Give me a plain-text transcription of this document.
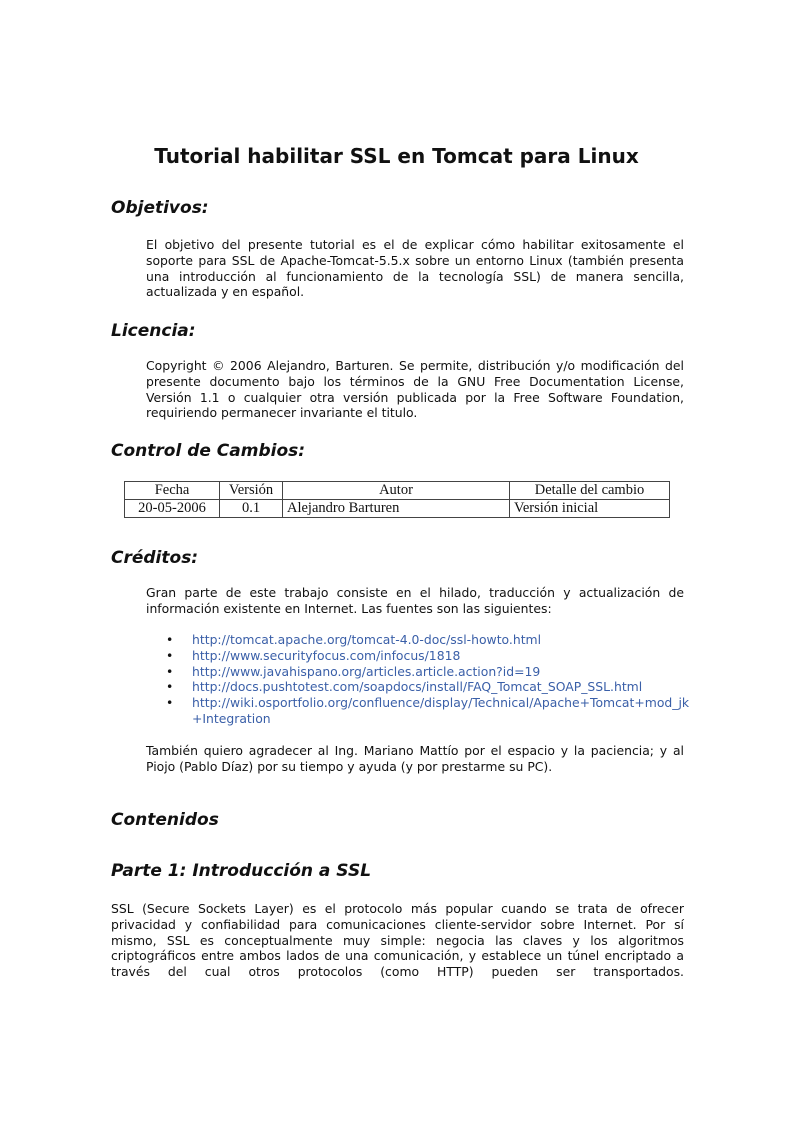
Tutorial habilitar SSL en Tomcat para Linux
Objetivos:

El objetivo del presente tutorial es el de explicar cómo habilitar exitosamente el soporte para SSL de Apache-Tomcat-5.5.x sobre un entorno Linux (también presenta una introducción al funcionamiento de la tecnología SSL) de manera sencilla, actualizada y en español.

Licencia:

Copyright © 2006 Alejandro, Barturen. Se permite, distribución y/o modificación del presente documento bajo los términos de la GNU Free Documentation License, Versión 1.1 o cualquier otra versión publicada por la Free Software Foundation, requiriendo permanecer invariante el titulo.

Control de Cambios:
Fecha	Versión	Autor	Detalle del cambio
20-05-2006	0.1	Alejandro Barturen	Versión inicial
Créditos:

Gran parte de este trabajo consiste en el hilado, traducción y actualización de información existente en Internet. Las fuentes son las siguientes:

• http://tomcat.apache.org/tomcat-4.0-doc/ssl-howto.html
• http://www.securityfocus.com/infocus/1818
• http://www.javahispano.org/articles.article.action?id=19
• http://docs.pushtotest.com/soapdocs/install/FAQ_Tomcat_SOAP_SSL.html
• http://wiki.osportfolio.org/confluence/display/Technical/Apache+Tomcat+mod_jk+Integration

También quiero agradecer al Ing. Mariano Mattío por el espacio y la paciencia; y al Piojo (Pablo Díaz) por su tiempo y ayuda (y por prestarme su PC).

Contenidos
Parte 1: Introducción a SSL

SSL (Secure Sockets Layer) es el protocolo más popular cuando se trata de ofrecer privacidad y confiabilidad para comunicaciones cliente-servidor sobre Internet. Por sí mismo, SSL es conceptualmente muy simple: negocia las claves y los algoritmos criptográficos entre ambos lados de una comunicación, y establece un túnel encriptado a través del cual otros protocolos (como HTTP) pueden ser transportados.
